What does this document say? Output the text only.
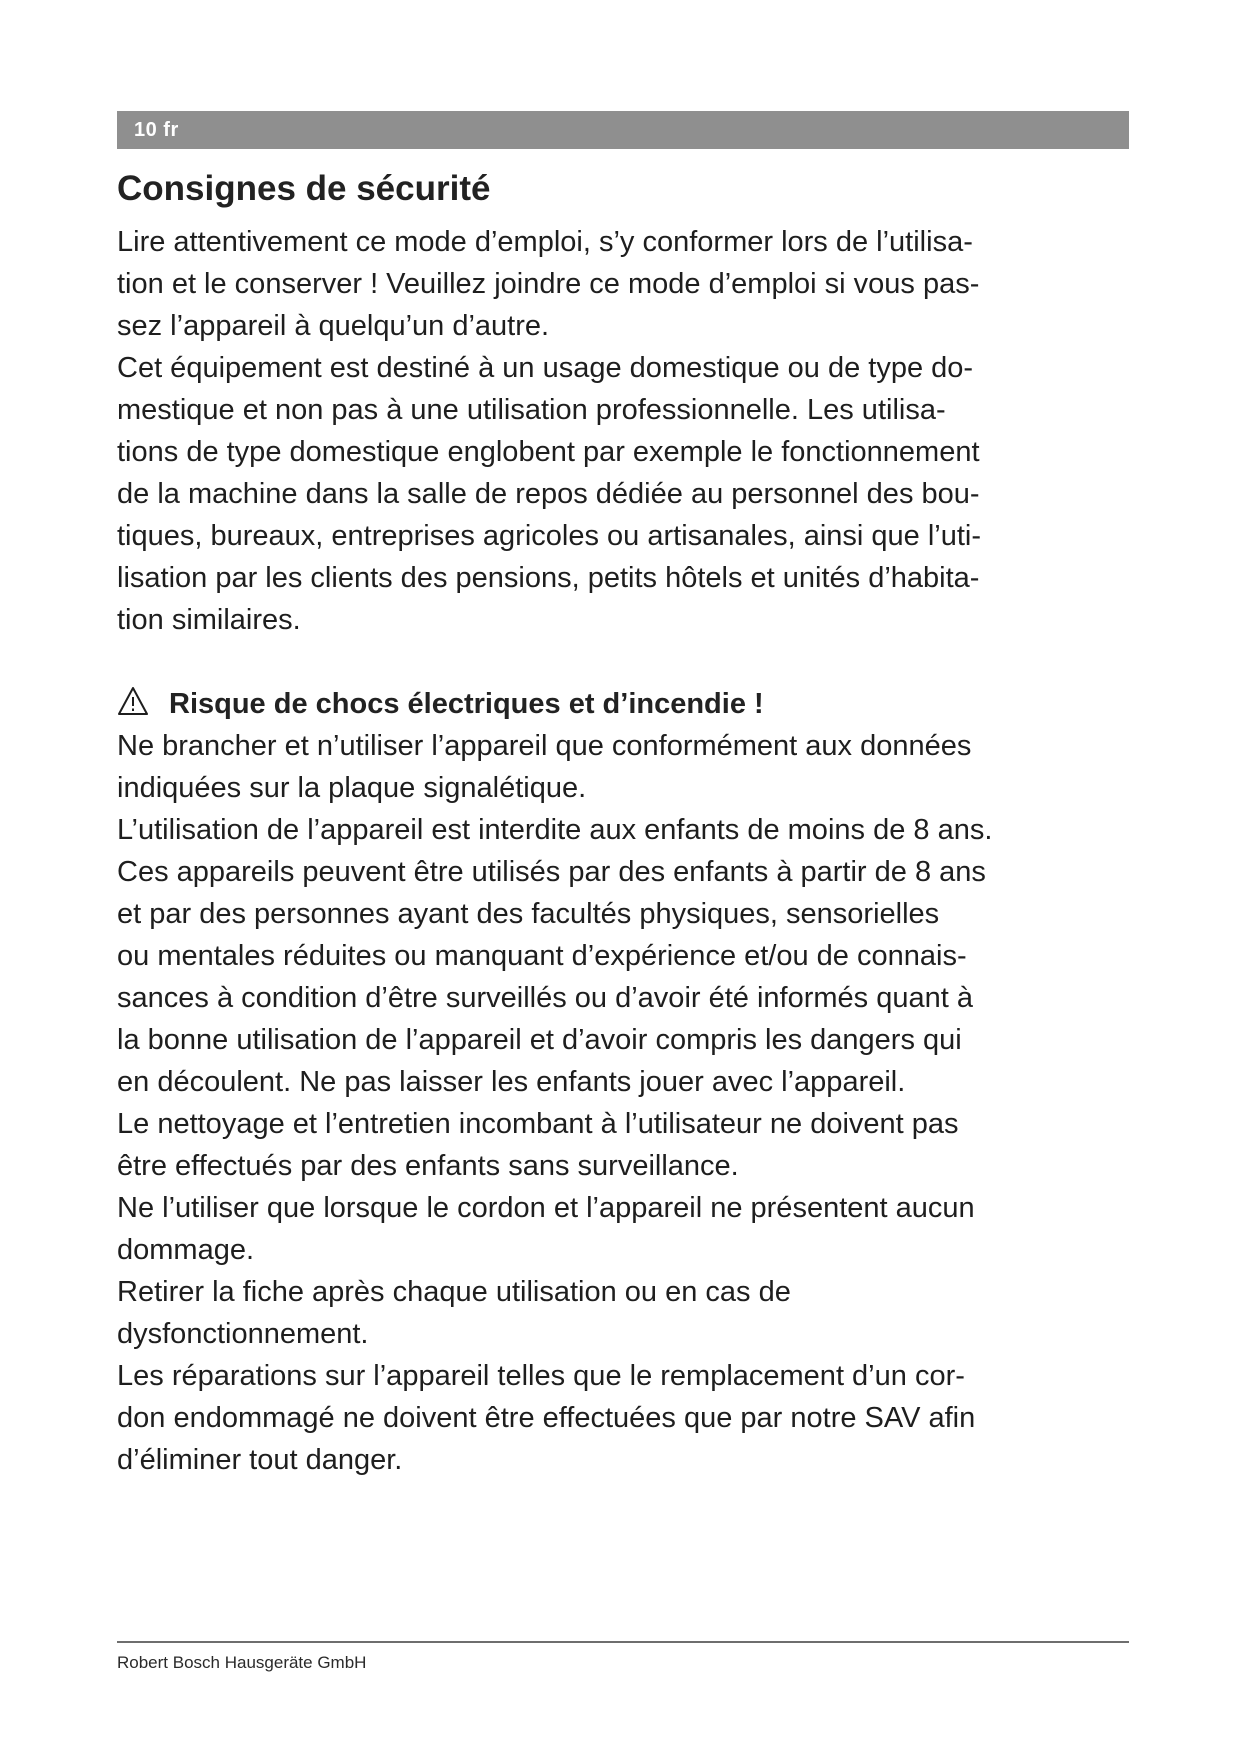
10 fr
Consignes de sécurité
Lire attentivement ce mode d’emploi, s’y conformer lors de l’utilisa-
tion et le conserver ! Veuillez joindre ce mode d’emploi si vous pas-
sez l’appareil à quelqu’un d’autre.
Cet équipement est destiné à un usage domestique ou de type do-
mestique et non pas à une utilisation professionnelle. Les utilisa-
tions de type domestique englobent par exemple le fonctionnement
de la machine dans la salle de repos dédiée au personnel des bou-
tiques, bureaux, entreprises agricoles ou artisanales, ainsi que l’uti-
lisation par les clients des pensions, petits hôtels et unités d’habita-
tion similaires.
Risque de chocs électriques et d’incendie !
Ne brancher et n’utiliser l’appareil que conformément aux données
indiquées sur la plaque signalétique.
L’utilisation de l’appareil est interdite aux enfants de moins de 8 ans.
Ces appareils peuvent être utilisés par des enfants à partir de 8 ans
et par des personnes ayant des facultés physiques, sensorielles
ou mentales réduites ou manquant d’expérience et/ou de connais-
sances à condition d’être surveillés ou d’avoir été informés quant à
la bonne utilisation de l’appareil et d’avoir compris les dangers qui
en découlent. Ne pas laisser les enfants jouer avec l’appareil.
Le nettoyage et l’entretien incombant à l’utilisateur ne doivent pas
être effectués par des enfants sans surveillance.
Ne l’utiliser que lorsque le cordon et l’appareil ne présentent aucun
dommage.
Retirer la fiche après chaque utilisation ou en cas de
dysfonctionnement.
Les réparations sur l’appareil telles que le remplacement d’un cor-
don endommagé ne doivent être effectuées que par notre SAV afin
d’éliminer tout danger.
Robert Bosch Hausgeräte GmbH
